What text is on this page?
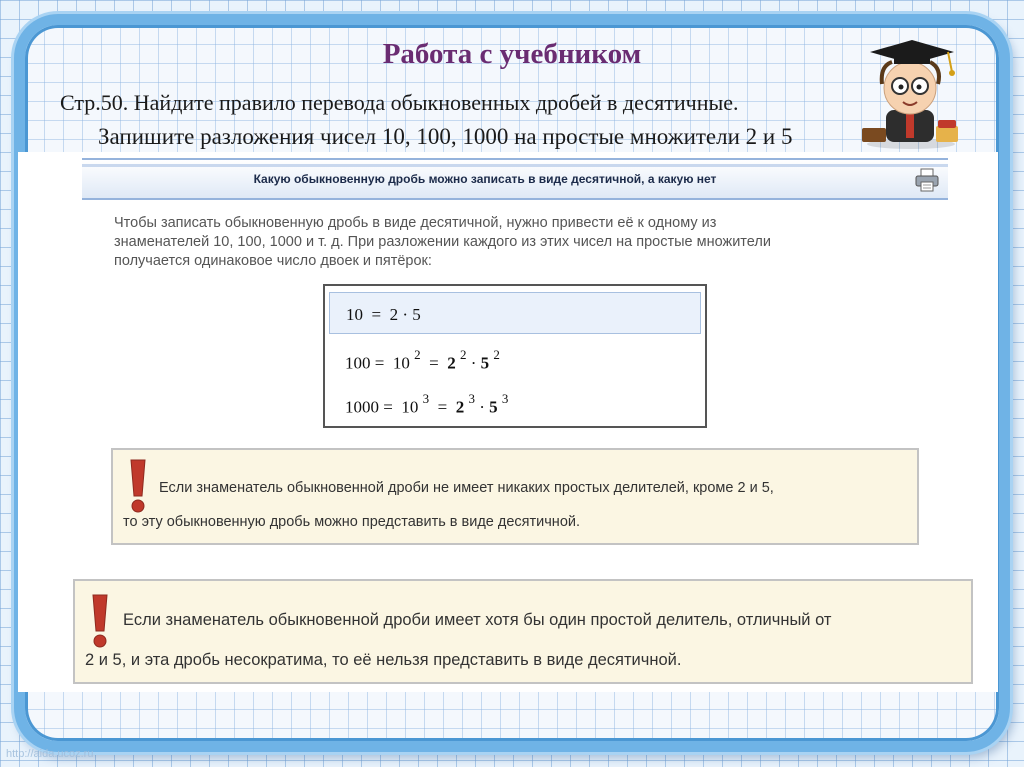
Работа с учебником

Стр.50. Найдите правило перевода обыкновенных дробей в десятичные.

Запишите разложения чисел 10, 100, 1000 на простые множители 2 и 5

Какую обыкновенную дробь можно записать в виде десятичной, а какую нет

Чтобы записать обыкновенную дробь в виде десятичной, нужно привести её к одному из
знаменателей 10, 100, 1000 и т. д. При разложении каждого из этих чисел на простые множители
получается одинаковое число двоек и пятёрок:

10  =  2 · 5

100 =  10 $^2$  =  2 $^2$ · 5 $^2$

1000 =  10 $^3$  =  2 $^3$ · 5 $^3$

Если знаменатель обыкновенной дроби не имеет никаких простых делителей, кроме 2 и 5,

то эту обыкновенную дробь можно представить в виде десятичной.

Если знаменатель обыкновенной дроби имеет хотя бы один простой делитель, отличный от

2 и 5, и эта дробь несократима, то её нельзя представить в виде десятичной.

http://aida.ucoz.ru
